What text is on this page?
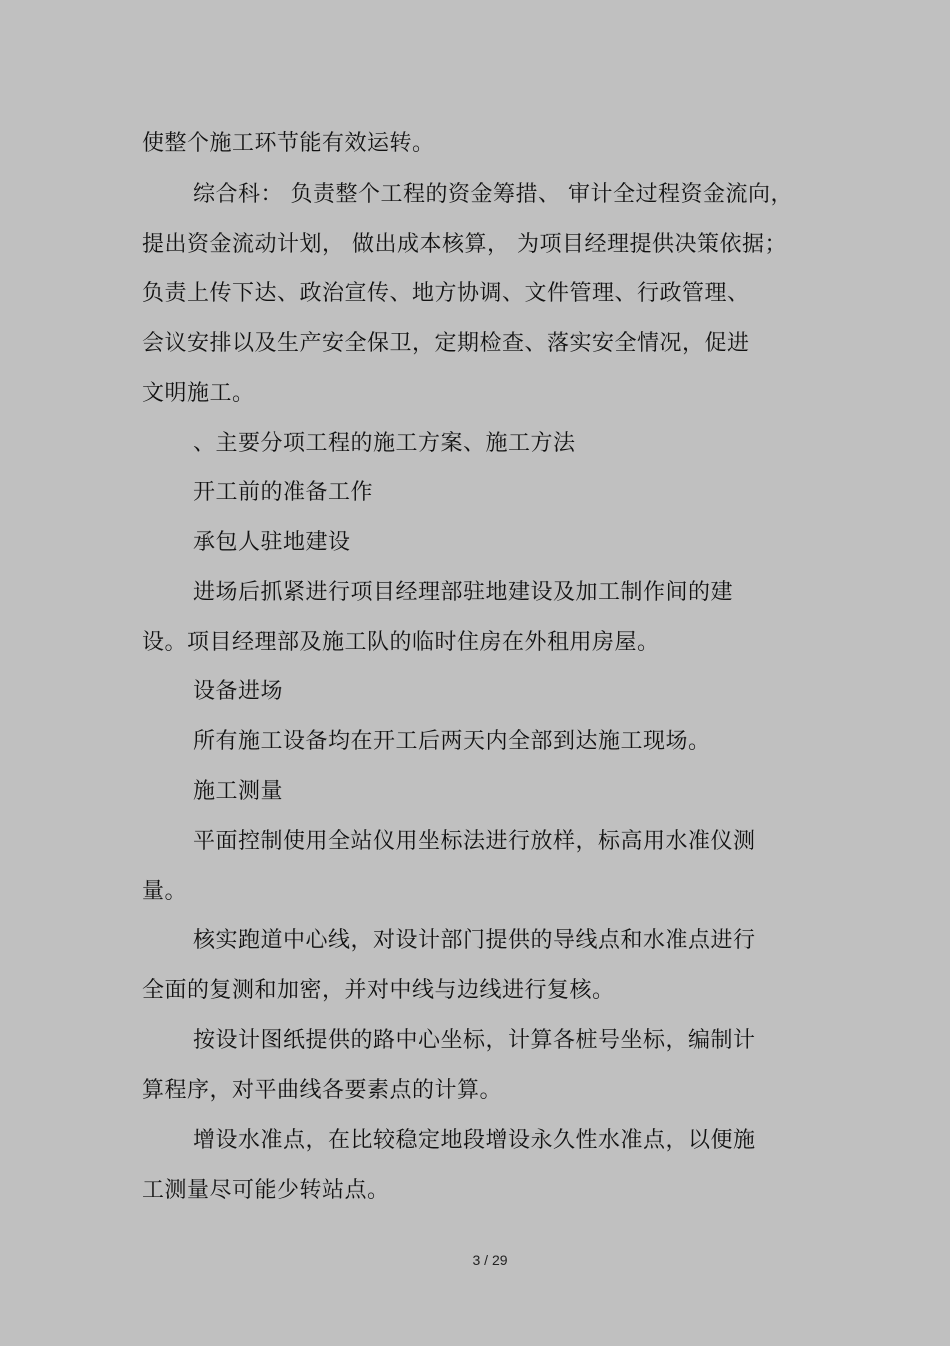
使整个施工环节能有效运转。
综合科： 负责整个工程的资金筹措、 审计全过程资金流向，
提出资金流动计划， 做出成本核算， 为项目经理提供决策依据；
负责上传下达、政治宣传、地方协调、文件管理、行政管理、
会议安排以及生产安全保卫，定期检查、落实安全情况，促进
文明施工。
、主要分项工程的施工方案、施工方法
开工前的准备工作
承包人驻地建设
进场后抓紧进行项目经理部驻地建设及加工制作间的建
设。项目经理部及施工队的临时住房在外租用房屋。
设备进场
所有施工设备均在开工后两天内全部到达施工现场。
施工测量
平面控制使用全站仪用坐标法进行放样，标高用水准仪测
量。
核实跑道中心线，对设计部门提供的导线点和水准点进行
全面的复测和加密，并对中线与边线进行复核。
按设计图纸提供的路中心坐标，计算各桩号坐标，编制计
算程序，对平曲线各要素点的计算。
增设水准点，在比较稳定地段增设永久性水准点，以便施
工测量尽可能少转站点。
3 / 29
